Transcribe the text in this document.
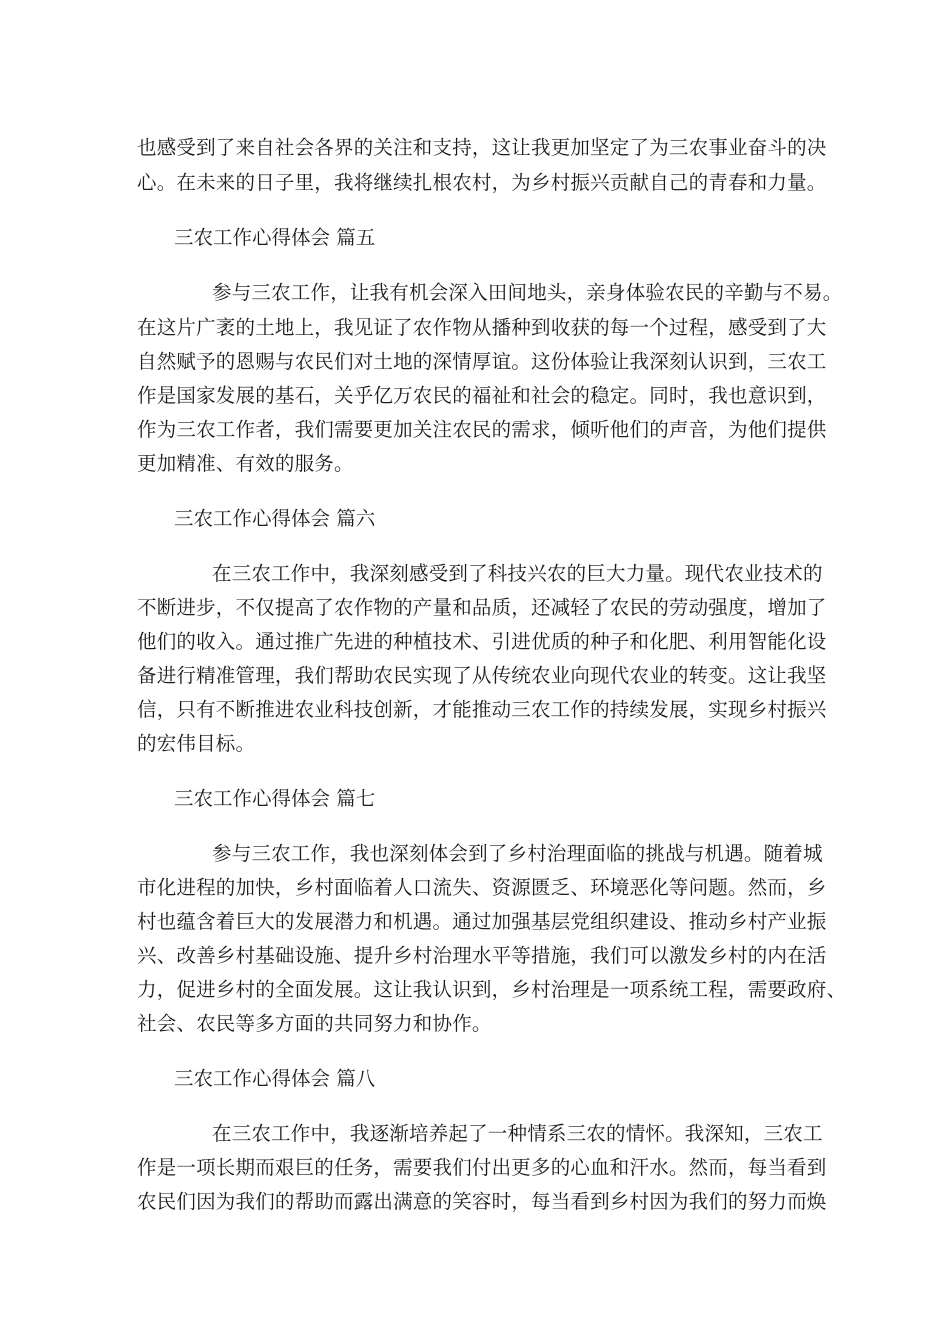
也感受到了来自社会各界的关注和支持，这让我更加坚定了为三农事业奋斗的决
心。在未来的日子里，我将继续扎根农村，为乡村振兴贡献自己的青春和力量。
三农工作心得体会 篇五
参与三农工作，让我有机会深入田间地头，亲身体验农民的辛勤与不易。
在这片广袤的土地上，我见证了农作物从播种到收获的每一个过程，感受到了大
自然赋予的恩赐与农民们对土地的深情厚谊。这份体验让我深刻认识到，三农工
作是国家发展的基石，关乎亿万农民的福祉和社会的稳定。同时，我也意识到，
作为三农工作者，我们需要更加关注农民的需求，倾听他们的声音，为他们提供
更加精准、有效的服务。
三农工作心得体会 篇六
在三农工作中，我深刻感受到了科技兴农的巨大力量。现代农业技术的
不断进步，不仅提高了农作物的产量和品质，还减轻了农民的劳动强度，增加了
他们的收入。通过推广先进的种植技术、引进优质的种子和化肥、利用智能化设
备进行精准管理，我们帮助农民实现了从传统农业向现代农业的转变。这让我坚
信，只有不断推进农业科技创新，才能推动三农工作的持续发展，实现乡村振兴
的宏伟目标。
三农工作心得体会 篇七
参与三农工作，我也深刻体会到了乡村治理面临的挑战与机遇。随着城
市化进程的加快，乡村面临着人口流失、资源匮乏、环境恶化等问题。然而，乡
村也蕴含着巨大的发展潜力和机遇。通过加强基层党组织建设、推动乡村产业振
兴、改善乡村基础设施、提升乡村治理水平等措施，我们可以激发乡村的内在活
力，促进乡村的全面发展。这让我认识到，乡村治理是一项系统工程，需要政府、
社会、农民等多方面的共同努力和协作。
三农工作心得体会 篇八
在三农工作中，我逐渐培养起了一种情系三农的情怀。我深知，三农工
作是一项长期而艰巨的任务，需要我们付出更多的心血和汗水。然而，每当看到
农民们因为我们的帮助而露出满意的笑容时，每当看到乡村因为我们的努力而焕
